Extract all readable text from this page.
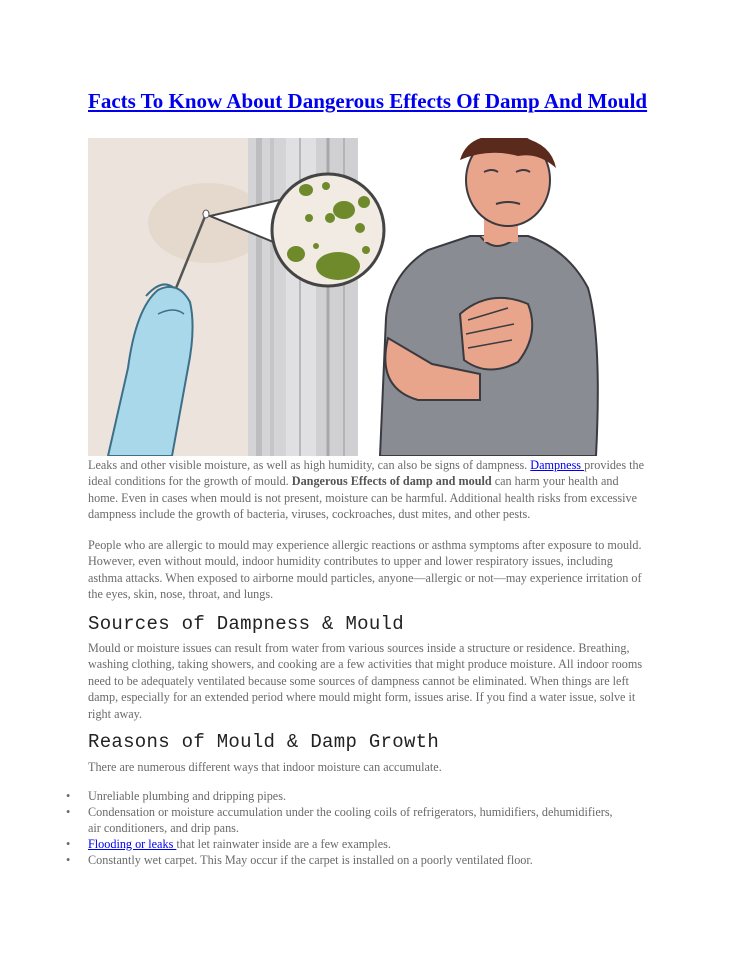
Facts To Know About Dangerous Effects Of Damp And Mould

Leaks and other visible moisture, as well as high humidity, can also be signs of dampness. Dampness provides the ideal conditions for the growth of mould. Dangerous Effects of damp and mould can harm your health and home. Even in cases when mould is not present, moisture can be harmful. Additional health risks from excessive dampness include the growth of bacteria, viruses, cockroaches, dust mites, and other pests.

People who are allergic to mould may experience allergic reactions or asthma symptoms after exposure to mould. However, even without mould, indoor humidity contributes to upper and lower respiratory issues, including asthma attacks. When exposed to airborne mould particles, anyone—allergic or not—may experience irritation of the eyes, skin, nose, throat, and lungs.

Sources of Dampness & Mould

Mould or moisture issues can result from water from various sources inside a structure or residence. Breathing, washing clothing, taking showers, and cooking are a few activities that might produce moisture. All indoor rooms need to be adequately ventilated because some sources of dampness cannot be eliminated. When things are left damp, especially for an extended period where mould might form, issues arise. If you find a water issue, solve it right away.

Reasons of Mould & Damp Growth

There are numerous different ways that indoor moisture can accumulate.

• Unreliable plumbing and dripping pipes.
• Condensation or moisture accumulation under the cooling coils of refrigerators, humidifiers, dehumidifiers, air conditioners, and drip pans.
• Flooding or leaks that let rainwater inside are a few examples.
• Constantly wet carpet. This May occur if the carpet is installed on a poorly ventilated floor.
